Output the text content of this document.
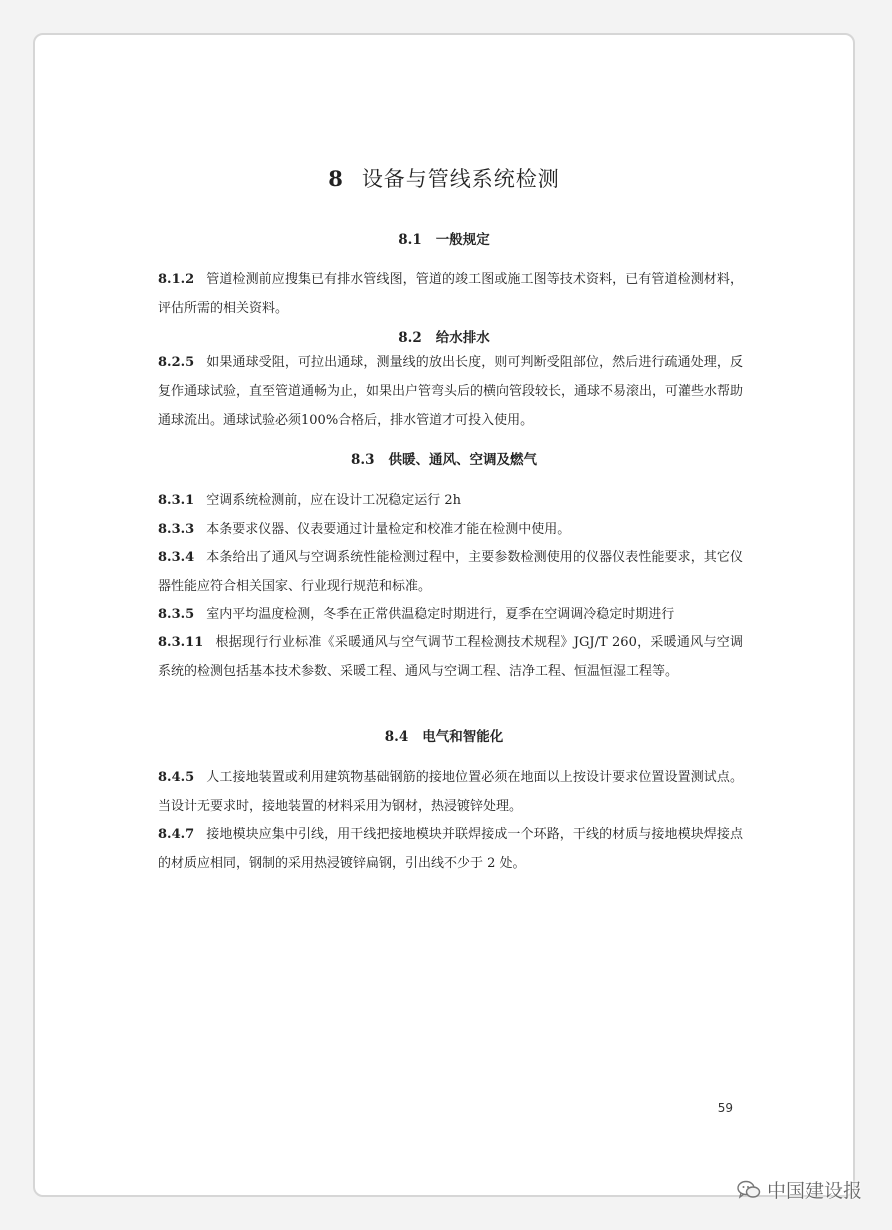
8 设备与管线系统检测
8.1 一般规定
8.1.2 管道检测前应搜集已有排水管线图，管道的竣工图或施工图等技术资料，已有管道检测材料，评估所需的相关资料。
8.2 给水排水
8.2.5 如果通球受阻，可拉出通球，测量线的放出长度，则可判断受阻部位，然后进行疏通处理，反复作通球试验，直至管道通畅为止，如果出户管弯头后的横向管段较长，通球不易滚出，可灌些水帮助通球流出。通球试验必须100%合格后，排水管道才可投入使用。
8.3 供暖、通风、空调及燃气
8.3.1 空调系统检测前，应在设计工况稳定运行 2h
8.3.3 本条要求仪器、仪表要通过计量检定和校准才能在检测中使用。
8.3.4 本条给出了通风与空调系统性能检测过程中，主要参数检测使用的仪器仪表性能要求，其它仪器性能应符合相关国家、行业现行规范和标准。
8.3.5 室内平均温度检测，冬季在正常供温稳定时期进行，夏季在空调调冷稳定时期进行
8.3.11 根据现行行业标准《采暖通风与空气调节工程检测技术规程》JGJ/T 260，采暖通风与空调系统的检测包括基本技术参数、采暖工程、通风与空调工程、洁净工程、恒温恒湿工程等。
8.4 电气和智能化
8.4.5 人工接地装置或利用建筑物基础钢筋的接地位置必须在地面以上按设计要求位置设置测试点。当设计无要求时，接地装置的材料采用为钢材，热浸镀锌处理。
8.4.7 接地模块应集中引线，用干线把接地模块并联焊接成一个环路，干线的材质与接地模块焊接点的材质应相同，钢制的采用热浸镀锌扁钢，引出线不少于 2 处。
59
中国建设报
